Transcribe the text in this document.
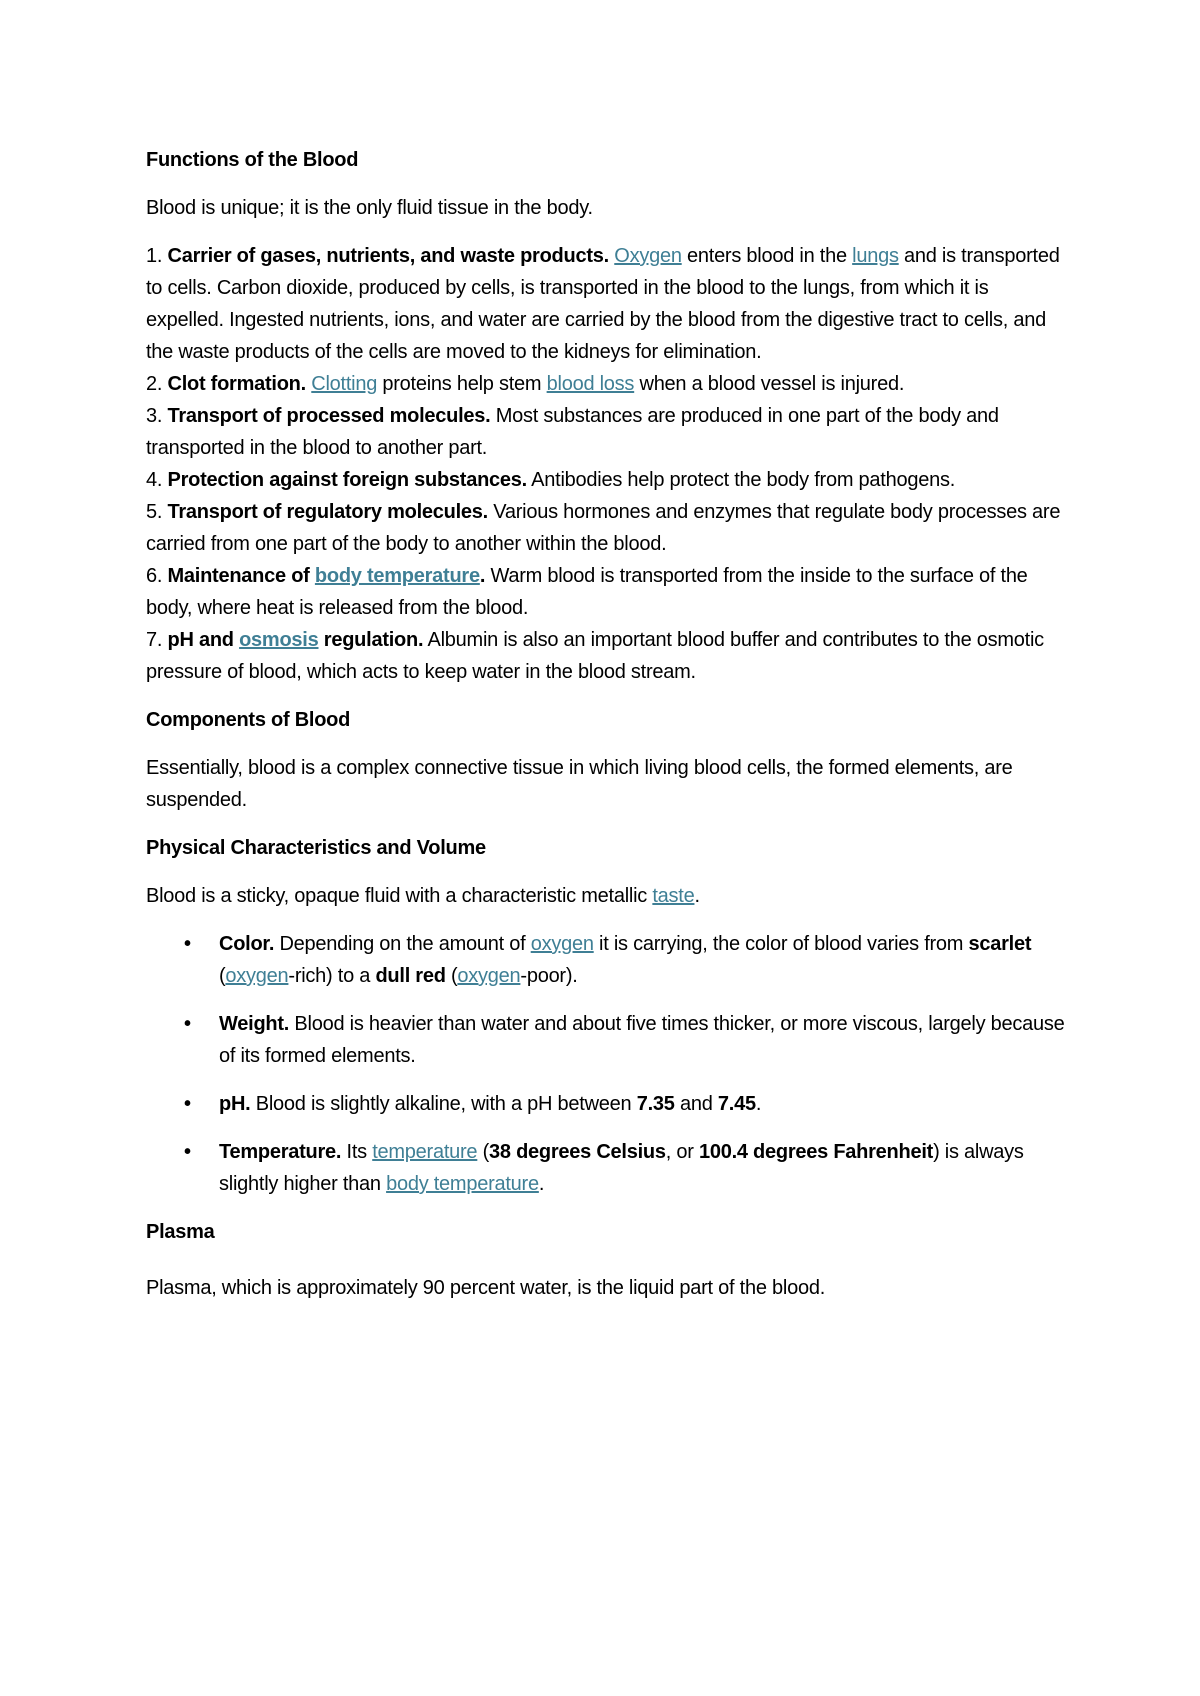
Functions of the Blood

Blood is unique; it is the only fluid tissue in the body.

1. Carrier of gases, nutrients, and waste products. Oxygen enters blood in the lungs and is transported to cells. Carbon dioxide, produced by cells, is transported in the blood to the lungs, from which it is expelled. Ingested nutrients, ions, and water are carried by the blood from the digestive tract to cells, and the waste products of the cells are moved to the kidneys for elimination.
2. Clot formation. Clotting proteins help stem blood loss when a blood vessel is injured.
3. Transport of processed molecules. Most substances are produced in one part of the body and transported in the blood to another part.
4. Protection against foreign substances. Antibodies help protect the body from pathogens.
5. Transport of regulatory molecules. Various hormones and enzymes that regulate body processes are carried from one part of the body to another within the blood.
6. Maintenance of body temperature. Warm blood is transported from the inside to the surface of the body, where heat is released from the blood.
7. pH and osmosis regulation. Albumin is also an important blood buffer and contributes to the osmotic pressure of blood, which acts to keep water in the blood stream.
Components of Blood

Essentially, blood is a complex connective tissue in which living blood cells, the formed elements, are suspended.

Physical Characteristics and Volume

Blood is a sticky, opaque fluid with a characteristic metallic taste.

• Color. Depending on the amount of oxygen it is carrying, the color of blood varies from scarlet (oxygen-rich) to a dull red (oxygen-poor).
• Weight. Blood is heavier than water and about five times thicker, or more viscous, largely because of its formed elements.
• pH. Blood is slightly alkaline, with a pH between 7.35 and 7.45.
• Temperature. Its temperature (38 degrees Celsius, or 100.4 degrees Fahrenheit) is always slightly higher than body temperature.
Plasma

Plasma, which is approximately 90 percent water, is the liquid part of the blood.
